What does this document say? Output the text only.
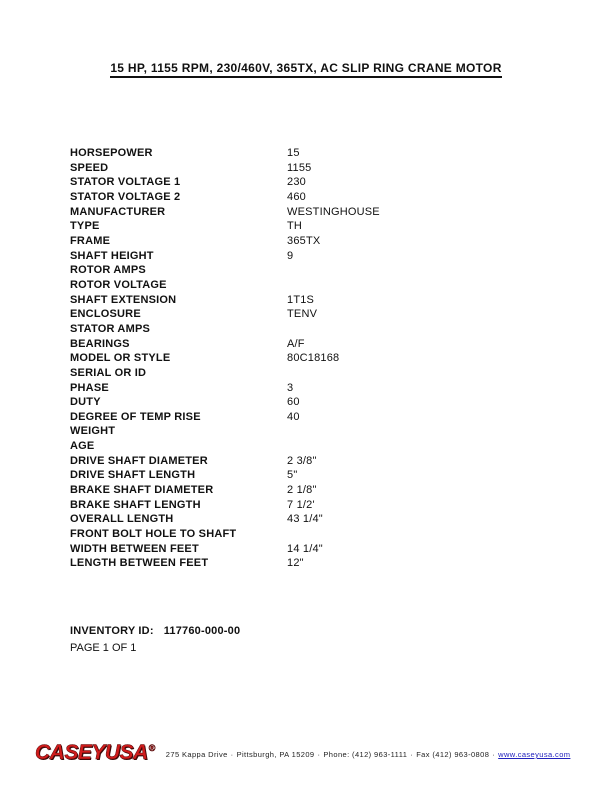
15 HP, 1155 RPM, 230/460V, 365TX, AC SLIP RING CRANE MOTOR
HORSEPOWER	15
SPEED	1155
STATOR VOLTAGE 1	230
STATOR VOLTAGE 2	460
MANUFACTURER	WESTINGHOUSE
TYPE	TH
FRAME	365TX
SHAFT HEIGHT	9
ROTOR AMPS
ROTOR VOLTAGE
SHAFT EXTENSION	1T1S
ENCLOSURE	TENV
STATOR AMPS
BEARINGS	A/F
MODEL OR STYLE	80C18168
SERIAL OR ID
PHASE	3
DUTY	60
DEGREE OF TEMP RISE	40
WEIGHT
AGE
DRIVE SHAFT DIAMETER	2 3/8"
DRIVE SHAFT LENGTH	5"
BRAKE SHAFT DIAMETER	2 1/8"
BRAKE SHAFT LENGTH	7 1/2'
OVERALL LENGTH	43 1/4"
FRONT BOLT HOLE TO SHAFT
WIDTH BETWEEN FEET	14 1/4"
LENGTH BETWEEN FEET	12"
INVENTORY ID: 117760-000-00
PAGE 1 OF 1
CASEYUSA® 275 Kappa Drive · Pittsburgh, PA 15209 · Phone: (412) 963-1111 · Fax (412) 963-0808 · www.caseyusa.com
